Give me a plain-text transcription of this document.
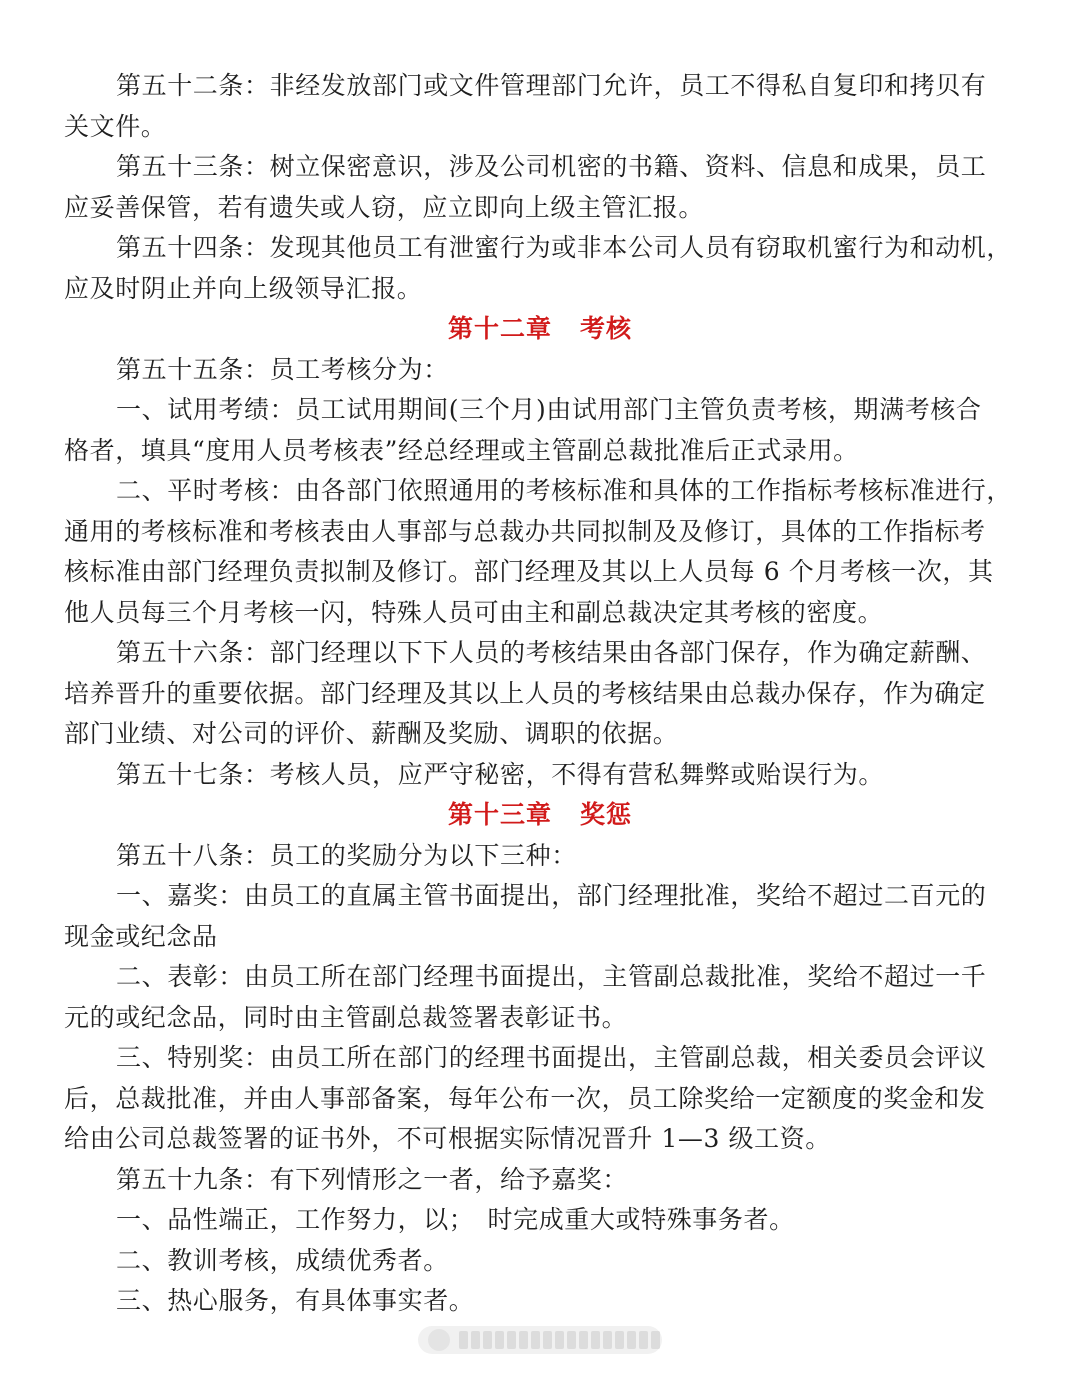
第五十二条：非经发放部门或文件管理部门允许，员工不得私自复印和拷贝有
关文件。
第五十三条：树立保密意识，涉及公司机密的书籍、资料、信息和成果，员工
应妥善保管，若有遗失或人窃，应立即向上级主管汇报。
第五十四条：发现其他员工有泄蜜行为或非本公司人员有窃取机蜜行为和动机，
应及时阴止并向上级领导汇报。

第十二章 考核

第五十五条：员工考核分为：
一、试用考绩：员工试用期间(三个月)由试用部门主管负责考核，期满考核合
格者，填具“度用人员考核表”经总经理或主管副总裁批准后正式录用。
二、平时考核：由各部门依照通用的考核标准和具体的工作指标考核标准进行，
通用的考核标准和考核表由人事部与总裁办共同拟制及及修订，具体的工作指标考
核标准由部门经理负责拟制及修订。部门经理及其以上人员每 6 个月考核一次，其
他人员每三个月考核一闪，特殊人员可由主和副总裁决定其考核的密度。
第五十六条：部门经理以下下人员的考核结果由各部门保存，作为确定薪酬、
培养晋升的重要依据。部门经理及其以上人员的考核结果由总裁办保存，作为确定
部门业绩、对公司的评价、薪酬及奖励、调职的依据。
第五十七条：考核人员，应严守秘密，不得有营私舞弊或贻误行为。

第十三章 奖惩

第五十八条：员工的奖励分为以下三种：
一、嘉奖：由员工的直属主管书面提出，部门经理批准，奖给不超过二百元的
现金或纪念品
二、表彰：由员工所在部门经理书面提出，主管副总裁批准，奖给不超过一千
元的或纪念品，同时由主管副总裁签署表彰证书。
三、特别奖：由员工所在部门的经理书面提出，主管副总裁，相关委员会评议
后，总裁批准，并由人事部备案，每年公布一次，员工除奖给一定额度的奖金和发
给由公司总裁签署的证书外，不可根据实际情况晋升 1—3 级工资。
第五十九条：有下列情形之一者，给予嘉奖：
一、品性端正，工作努力，以；　时完成重大或特殊事务者。
二、教训考核，成绩优秀者。
三、热心服务，有具体事实者。
